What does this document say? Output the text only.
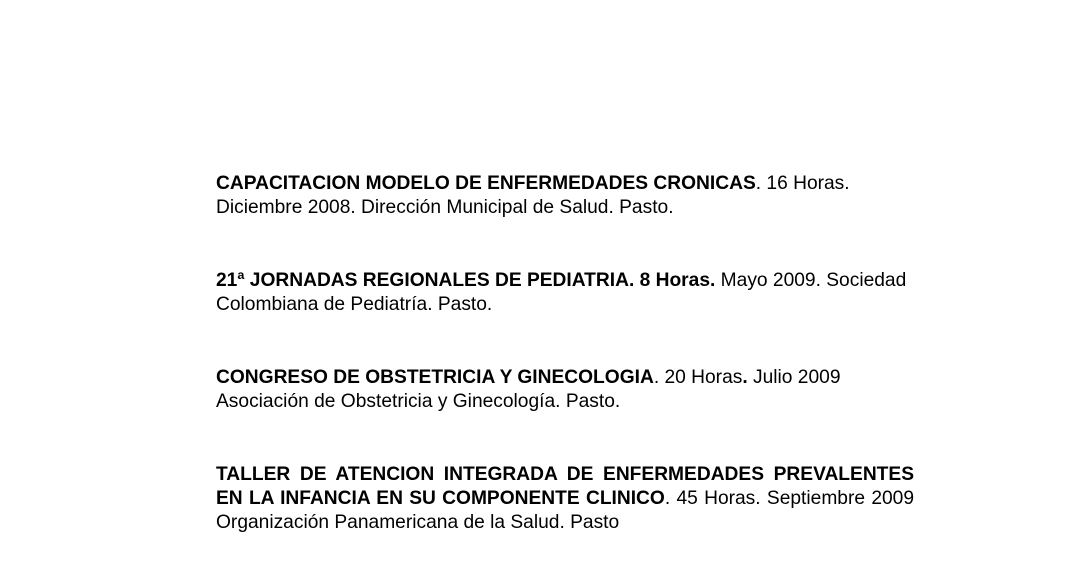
CAPACITACION MODELO DE ENFERMEDADES CRONICAS. 16 Horas. Diciembre 2008. Dirección Municipal de Salud. Pasto.

21ª JORNADAS REGIONALES DE PEDIATRIA. 8 Horas. Mayo 2009. Sociedad Colombiana de Pediatría. Pasto.

CONGRESO DE OBSTETRICIA Y GINECOLOGIA. 20 Horas. Julio 2009 Asociación de Obstetricia y Ginecología. Pasto.

TALLER DE ATENCION INTEGRADA DE ENFERMEDADES PREVALENTES EN LA INFANCIA EN SU COMPONENTE CLINICO. 45 Horas. Septiembre 2009 Organización Panamericana de la Salud. Pasto
